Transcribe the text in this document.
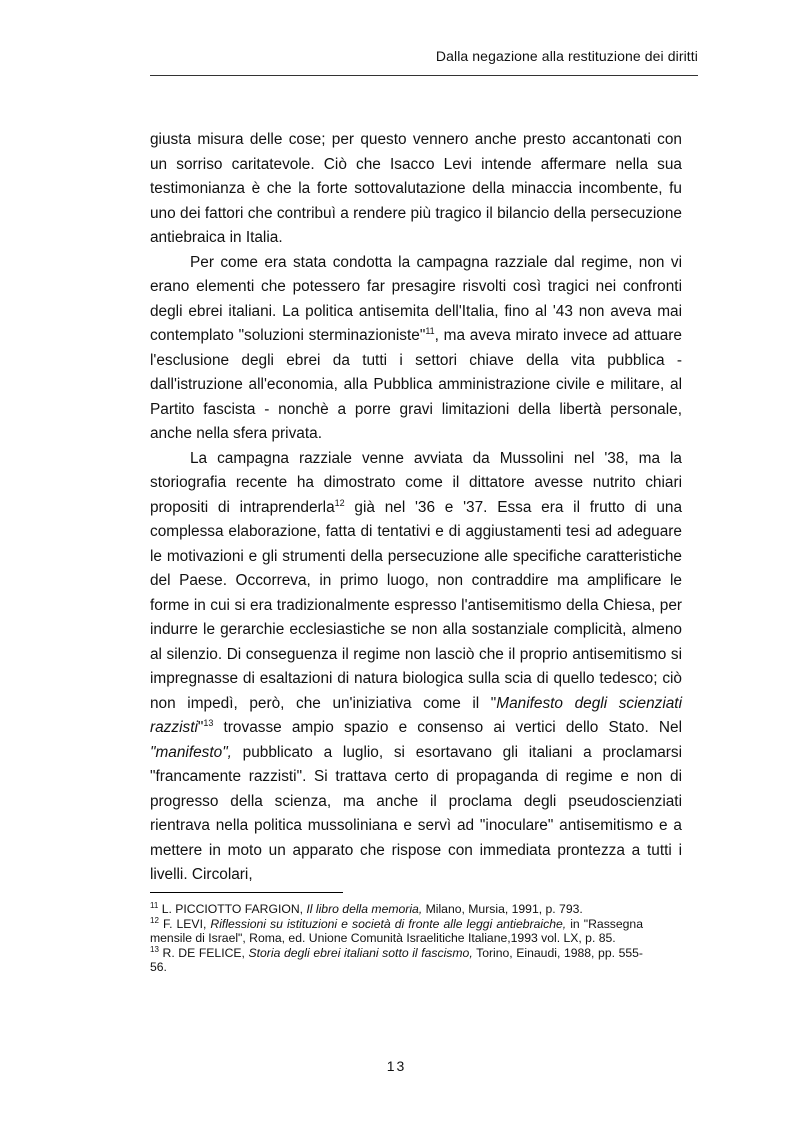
Dalla negazione alla restituzione dei diritti

giusta misura delle cose; per questo vennero anche presto accantonati con un sorriso caritatevole. Ciò che Isacco Levi intende affermare nella sua testimonianza è che la forte sottovalutazione della minaccia incombente, fu uno dei fattori che contribuì a rendere più tragico il bilancio della persecuzione antiebraica in Italia.

Per come era stata condotta la campagna razziale dal regime, non vi erano elementi che potessero far presagire risvolti così tragici nei confronti degli ebrei italiani. La politica antisemita dell'Italia, fino al '43 non aveva mai contemplato "soluzioni sterminazioniste"$^{11}$, ma aveva mirato invece ad attuare l'esclusione degli ebrei da tutti i settori chiave della vita pubblica - dall'istruzione all'economia, alla Pubblica amministrazione civile e militare, al Partito fascista - nonchè a porre gravi limitazioni della libertà personale, anche nella sfera privata.

La campagna razziale venne avviata da Mussolini nel '38, ma la storiografia recente ha dimostrato come il dittatore avesse nutrito chiari propositi di intraprenderla$^{12}$ già nel '36 e '37. Essa era il frutto di una complessa elaborazione, fatta di tentativi e di aggiustamenti tesi ad adeguare le motivazioni e gli strumenti della persecuzione alle specifiche caratteristiche del Paese. Occorreva, in primo luogo, non contraddire ma amplificare le forme in cui si era tradizionalmente espresso l'antisemitismo della Chiesa, per indurre le gerarchie ecclesiastiche se non alla sostanziale complicità, almeno al silenzio. Di conseguenza il regime non lasciò che il proprio antisemitismo si impregnasse di esaltazioni di natura biologica sulla scia di quello tedesco; ciò non impedì, però, che un'iniziativa come il "Manifesto degli scienziati razzisti"$^{13}$ trovasse ampio spazio e consenso ai vertici dello Stato. Nel "manifesto", pubblicato a luglio, si esortavano gli italiani a proclamarsi "francamente razzisti". Si trattava certo di propaganda di regime e non di progresso della scienza, ma anche il proclama degli pseudoscienziati rientrava nella politica mussoliniana e servì ad "inoculare" antisemitismo e a mettere in moto un apparato che rispose con immediata prontezza a tutti i livelli. Circolari,

$^{11}$ L. PICCIOTTO FARGION, Il libro della memoria, Milano, Mursia, 1991, p. 793.

$^{12}$ F. LEVI, Riflessioni su istituzioni e società di fronte alle leggi antiebraiche, in "Rassegna mensile di Israel", Roma, ed. Unione Comunità Israelitiche Italiane,1993 vol. LX, p. 85.

$^{13}$ R. DE FELICE, Storia degli ebrei italiani sotto il fascismo, Torino, Einaudi, 1988, pp. 555-56.

13
